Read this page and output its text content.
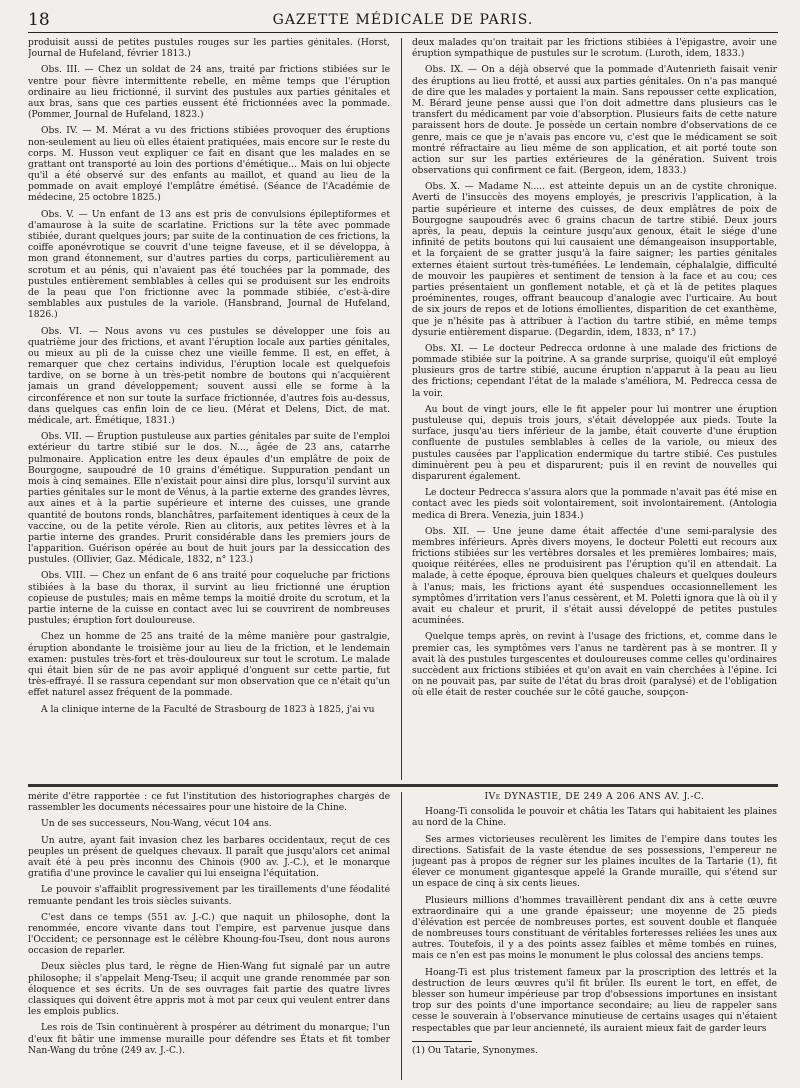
18	GAZETTE MÉDICALE DE PARIS.

produisit aussi de petites pustules rouges sur les parties génitales. (Horst, Journal de Hufeland, février 1813.)

Obs. III. — Chez un soldat de 24 ans, traité par frictions stibiées sur le ventre pour fièvre intermittente rebelle, en même temps que l'éruption ordinaire au lieu frictionné, il survint des pustules aux parties génitales et aux bras, sans que ces parties eussent été frictionnées avec la pommade. (Pommer, Journal de Hufeland, 1823.)

Obs. IV. — M. Mérat a vu des frictions stibiées provoquer des éruptions non-seulement au lieu où elles étaient pratiquées, mais encore sur le reste du corps. M. Husson veut expliquer ce fait en disant que les malades en se grattant ont transporté au loin des portions d'émétique... Mais on lui objecte qu'il a été observé sur des enfants au maillot, et quand au lieu de la pommade on avait employé l'emplâtre émétisé. (Séance de l'Académie de médecine, 25 octobre 1825.)

Obs. V. — Un enfant de 13 ans est pris de convulsions épileptiformes et d'amaurose à la suite de scarlatine. Frictions sur la tête avec pommade stibiée, durant quelques jours; par suite de la continuation de ces frictions, la coiffe aponévrotique se couvrit d'une teigne faveuse, et il se développa, à mon grand étonnement, sur d'autres parties du corps, particulièrement au scrotum et au pénis, qui n'avaient pas été touchées par la pommade, des pustules entièrement semblables à celles qui se produisent sur les endroits de la peau que l'on frictionne avec la pommade stibiée, c'est-à-dire semblables aux pustules de la variole. (Hansbrand, Journal de Hufeland, 1826.)

Obs. VI. — Nous avons vu ces pustules se développer une fois au quatrième jour des frictions, et avant l'éruption locale aux parties génitales, ou mieux au pli de la cuisse chez une vieille femme. Il est, en effet, à remarquer que chez certains individus, l'éruption locale est quelquefois tardive, on se borne à un très-petit nombre de boutons qui n'acquièrent jamais un grand développement; souvent aussi elle se forme à la circonférence et non sur toute la surface frictionnée, d'autres fois au-dessus, dans quelques cas enfin loin de ce lieu. (Mérat et Delens, Dict. de mat. médicale, art. Émétique, 1831.)

Obs. VII. — Éruption pustuleuse aux parties génitales par suite de l'emploi extérieur du tartre stibié sur le dos. N..., âgée de 23 ans, catarrhe pulmonaire. Application entre les deux épaules d'un emplâtre de poix de Bourgogne, saupoudré de 10 grains d'émétique. Suppuration pendant un mois à cinq semaines. Elle n'existait pour ainsi dire plus, lorsqu'il survint aux parties génitales sur le mont de Vénus, à la partie externe des grandes lèvres, aux aines et à la partie supérieure et interne des cuisses, une grande quantité de boutons ronds, blanchâtres, parfaitement identiques à ceux de la vaccine, ou de la petite vérole. Rien au clitoris, aux petites lèvres et à la partie interne des grandes. Prurit considérable dans les premiers jours de l'apparition. Guérison opérée au bout de huit jours par la dessiccation des pustules. (Ollivier, Gaz. Médicale, 1832, n° 123.)

Obs. VIII. — Chez un enfant de 6 ans traité pour coqueluche par frictions stibiées à la base du thorax, il survint au lieu frictionné une éruption copieuse de pustules; mais en même temps la moitié droite du scrotum, et la partie interne de la cuisse en contact avec lui se couvrirent de nombreuses pustules; éruption fort douloureuse.

Chez un homme de 25 ans traité de la même manière pour gastralgie, éruption abondante le troisième jour au lieu de la friction, et le lendemain examen: pustules très-fort et très-douloureux sur tout le scrotum. Le malade qui était bien sûr de ne pas avoir appliqué d'onguent sur cette partie, fut très-effrayé. Il se rassura cependant sur mon observation que ce n'était qu'un effet naturel assez fréquent de la pommade.

A la clinique interne de la Faculté de Strasbourg de 1823 à 1825, j'ai vu

deux malades qu'on traitait par les frictions stibiées à l'épigastre, avoir une éruption sympathique de pustules sur le scrotum. (Luroth, idem, 1833.)

Obs. IX. — On a déjà observé que la pommade d'Autenrieth faisait venir des éruptions au lieu frotté, et aussi aux parties génitales. On n'a pas manqué de dire que les malades y portaient la main. Sans repousser cette explication, M. Bérard jeune pense aussi que l'on doit admettre dans plusieurs cas le transfert du médicament par voie d'absorption. Plusieurs faits de cette nature paraissent hors de doute. Je possède un certain nombre d'observations de ce genre, mais ce que je n'avais pas encore vu, c'est que le médicament se soit montré réfractaire au lieu même de son application, et ait porté toute son action sur sur les parties extérieures de la génération. Suivent trois observations qui confirment ce fait. (Bergeon, idem, 1833.)

Obs. X. — Madame N..... est atteinte depuis un an de cystite chronique. Averti de l'insuccès des moyens employés, je prescrivis l'application, à la partie supérieure et interne des cuisses, de deux emplâtres de poix de Bourgogne saupoudrés avec 6 grains chacun de tartre stibié. Deux jours après, la peau, depuis la ceinture jusqu'aux genoux, était le siége d'une infinité de petits boutons qui lui causaient une démangeaison insupportable, et la forçaient de se gratter jusqu'à la faire saigner; les parties génitales externes étaient surtout très-tuméfiées. Le lendemain, céphalalgie, difficulté de mouvoir les paupières et sentiment de tension à la face et au cou; ces parties présentaient un gonflement notable, et çà et là de petites plaques proéminentes, rouges, offrant beaucoup d'analogie avec l'urticaire. Au bout de six jours de repos et de lotions émollientes, disparition de cet exanthème, que je n'hésite pas à attribuer à l'action du tartre stibié, en même temps dysurie entièrement disparue. (Degardin, idem, 1833, n° 17.)

Obs. XI. — Le docteur Pedrecca ordonne à une malade des frictions de pommade stibiée sur la poitrine. A sa grande surprise, quoiqu'il eût employé plusieurs gros de tartre stibié, aucune éruption n'apparut à la peau au lieu des frictions; cependant l'état de la malade s'améliora, M. Pedrecca cessa de la voir.

Au bout de vingt jours, elle le fit appeler pour lui montrer une éruption pustuleuse qui, depuis trois jours, s'était développée aux pieds. Toute la surface, jusqu'au tiers inférieur de la jambe, était couverte d'une éruption confluente de pustules semblables à celles de la variole, ou mieux des pustules causées par l'application endermique du tartre stibié. Ces pustules diminuèrent peu à peu et disparurent; puis il en revint de nouvelles qui disparurent également.

Le docteur Pedrecca s'assura alors que la pommade n'avait pas été mise en contact avec les pieds soit volontairement, soit involontairement. (Antologia medica di Brera. Venezia, juin 1834.)

Obs. XII. — Une jeune dame était affectée d'une semi-paralysie des membres inférieurs. Après divers moyens, le docteur Poletti eut recours aux frictions stibiées sur les vertèbres dorsales et les premières lombaires; mais, quoique réitérées, elles ne produisirent pas l'éruption qu'il en attendait. La malade, à cette époque, éprouva bien quelques chaleurs et quelques douleurs à l'anus; mais, les frictions ayant été suspendues occasionnellement les symptômes d'irritation vers l'anus cessèrent, et M. Poletti ignora que là où il y avait eu chaleur et prurit, il s'était aussi développé de petites pustules acuminées.

Quelque temps après, on revint à l'usage des frictions, et, comme dans le premier cas, les symptômes vers l'anus ne tardèrent pas à se montrer. Il y avait là des pustules turgescentes et douloureuses comme celles qu'ordinaires succèdent aux frictions stibiées et qu'on avait en vain cherchées à l'épine. Ici on ne pouvait pas, par suite de l'état du bras droit (paralysé) et de l'obligation où elle était de rester couchée sur le côté gauche, soupçon-

mérite d'être rapportée : ce fut l'institution des historiographes chargés de rassembler les documents nécessaires pour une histoire de la Chine.

Un de ses successeurs, Nou-Wang, vécut 104 ans.

Un autre, ayant fait invasion chez les barbares occidentaux, reçut de ces peuples un présent de quelques chevaux. Il paraît que jusqu'alors cet animal avait été à peu près inconnu des Chinois (900 av. J.-C.), et le monarque gratifia d'une province le cavalier qui lui enseigna l'équitation.

Le pouvoir s'affaiblit progressivement par les tiraillements d'une féodalité remuante pendant les trois siècles suivants.

C'est dans ce temps (551 av. J.-C.) que naquit un philosophe, dont la renommée, encore vivante dans tout l'empire, est parvenue jusque dans l'Occident; ce personnage est le célèbre Khoung-fou-Tseu, dont nous aurons occasion de reparler.

Deux siècles plus tard, le règne de Hien-Wang fut signalé par un autre philosophe; il s'appelait Meng-Tseu; il acquit une grande renommée par son éloquence et ses écrits. Un de ses ouvrages fait partie des quatre livres classiques qui doivent être appris mot à mot par ceux qui veulent entrer dans les emplois publics.

Les rois de Tsin continuèrent à prospérer au détriment du monarque; l'un d'eux fit bâtir une immense muraille pour défendre ses États et fit tomber Nan-Wang du trône (249 av. J.-C.).

IVe DYNASTIE, DE 249 À 206 ANS AV. J.-C.

Hoang-Ti consolida le pouvoir et châtia les Tatars qui habitaient les plaines au nord de la Chine.

Ses armes victorieuses reculèrent les limites de l'empire dans toutes les directions. Satisfait de la vaste étendue de ses possessions, l'empereur ne jugeant pas à propos de régner sur les plaines incultes de la Tartarie (1), fit élever ce monument gigantesque appelé la Grande muraille, qui s'étend sur un espace de cinq à six cents lieues.

Plusieurs millions d'hommes travaillèrent pendant dix ans à cette œuvre extraordinaire qui a une grande épaisseur; une moyenne de 25 pieds d'élévation est percée de nombreuses portes, est souvent double et flanquée de nombreuses tours constituant de véritables forteresses reliées les unes aux autres. Toutefois, il y a des points assez faibles et même tombés en ruines, mais ce n'en est pas moins le monument le plus colossal des anciens temps.

Hoang-Ti est plus tristement fameux par la proscription des lettrés et la destruction de leurs œuvres qu'il fit brûler. Ils eurent le tort, en effet, de blesser son humeur impérieuse par trop d'obsessions importunes en insistant trop sur des points d'une importance secondaire; au lieu de rappeler sans cesse le souverain à l'observance minutieuse de certains usages qui n'étaient respectables que par leur ancienneté, ils auraient mieux fait de garder leurs

(1) Ou Tatarie, Synonymes.
